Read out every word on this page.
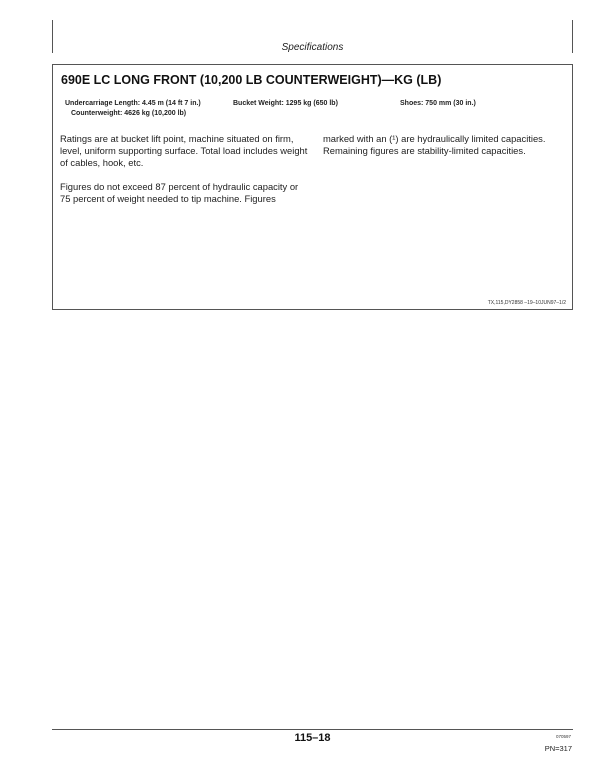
Specifications
690E LC LONG FRONT (10,200 LB COUNTERWEIGHT)—KG (LB)
Undercarriage Length: 4.45 m (14 ft 7 in.)
Counterweight: 4626 kg (10,200 lb)
Bucket Weight: 1295 kg (650 lb)	Shoes: 750 mm (30 in.)
Ratings are at bucket lift point, machine situated on firm, level, uniform supporting surface. Total load includes weight of cables, hook, etc.
Figures do not exceed 87 percent of hydraulic capacity or 75 percent of weight needed to tip machine. Figures
marked with an (¹) are hydraulically limited capacities. Remaining figures are stability-limited capacities.
TX,115,DY2858 –19–10JUN97–1/2
115–18	070597
PN=317
